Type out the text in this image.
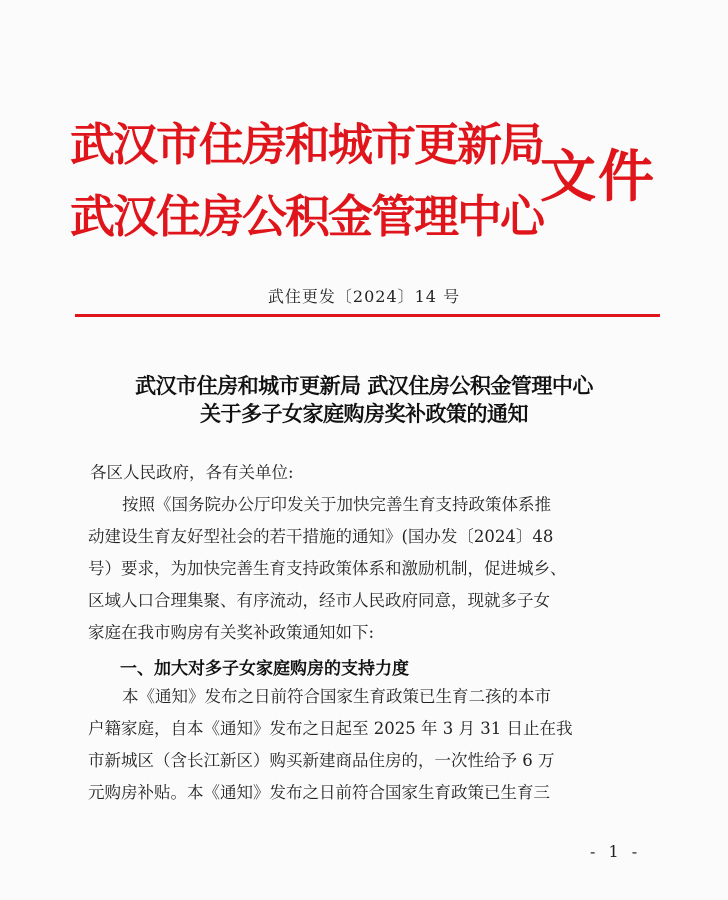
武汉市住房和城市更新局
武汉住房公积金管理中心
文件
武住更发〔2024〕14 号
武汉市住房和城市更新局 武汉住房公积金管理中心
关于多子女家庭购房奖补政策的通知
各区人民政府，各有关单位:
按照《国务院办公厅印发关于加快完善生育支持政策体系推
动建设生育友好型社会的若干措施的通知》(国办发〔2024〕48
号）要求，为加快完善生育支持政策体系和激励机制，促进城乡、
区域人口合理集聚、有序流动，经市人民政府同意，现就多子女
家庭在我市购房有关奖补政策通知如下:
一、加大对多子女家庭购房的支持力度
本《通知》发布之日前符合国家生育政策已生育二孩的本市
户籍家庭，自本《通知》发布之日起至 2025 年 3 月 31 日止在我
市新城区（含长江新区）购买新建商品住房的，一次性给予 6 万
元购房补贴。本《通知》发布之日前符合国家生育政策已生育三
- 1 -
